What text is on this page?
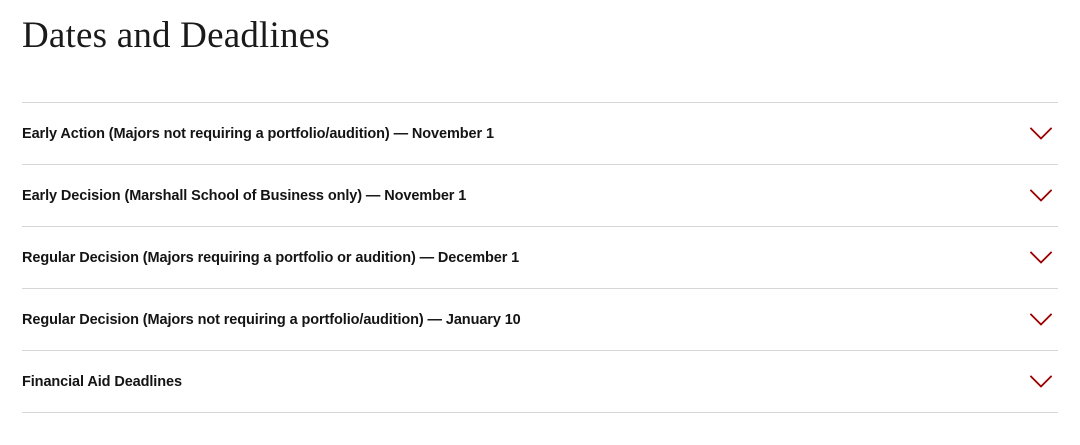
Dates and Deadlines
Early Action (Majors not requiring a portfolio/audition) — November 1
Early Decision (Marshall School of Business only) — November 1
Regular Decision (Majors requiring a portfolio or audition) — December 1
Regular Decision (Majors not requiring a portfolio/audition) — January 10
Financial Aid Deadlines
